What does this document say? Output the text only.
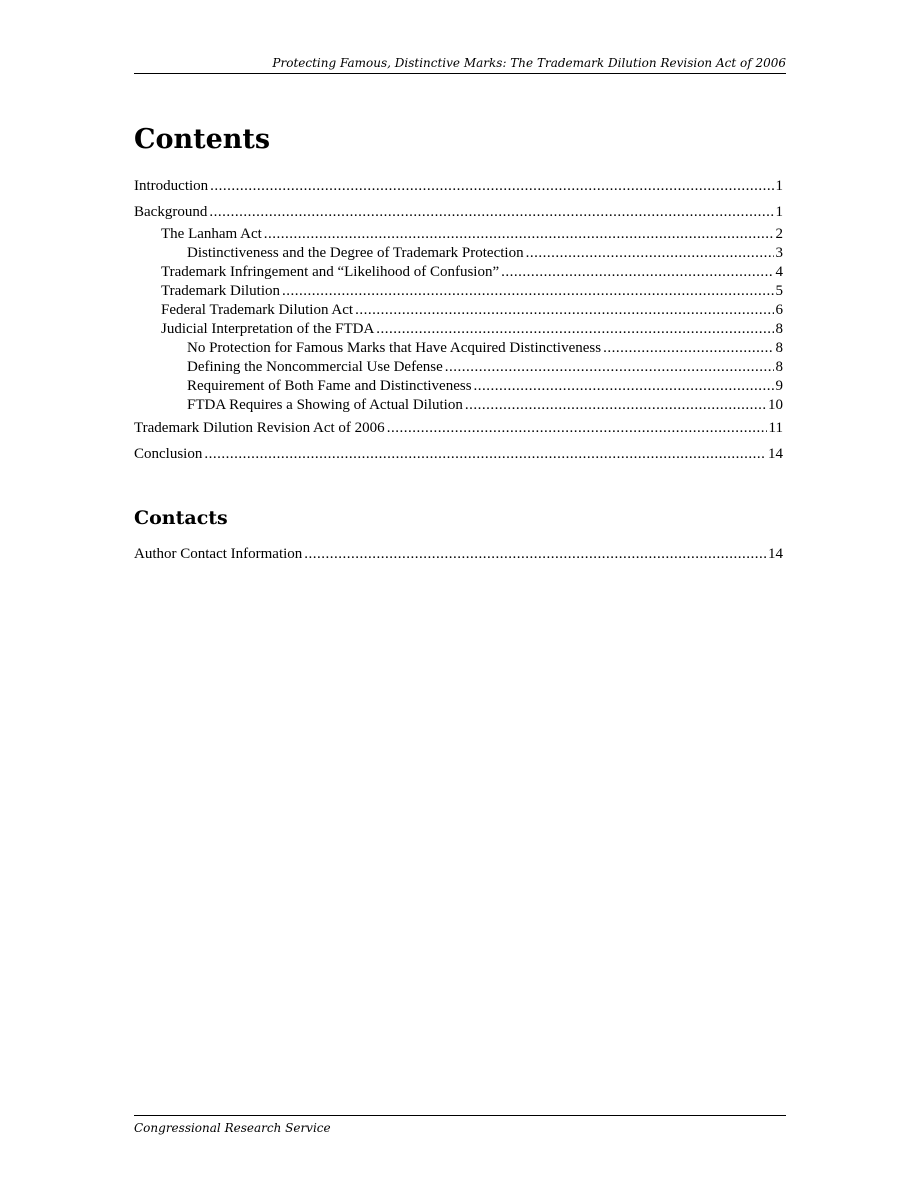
Protecting Famous, Distinctive Marks: The Trademark Dilution Revision Act of 2006
Contents
Introduction .....	1
Background .....	1
The Lanham Act .....	2
Distinctiveness and the Degree of Trademark Protection .....	3
Trademark Infringement and “Likelihood of Confusion” .....	4
Trademark Dilution .....	5
Federal Trademark Dilution Act .....	6
Judicial Interpretation of the FTDA .....	8
No Protection for Famous Marks that Have Acquired Distinctiveness .....	8
Defining the Noncommercial Use Defense .....	8
Requirement of Both Fame and Distinctiveness .....	9
FTDA Requires a Showing of Actual Dilution .....	10
Trademark Dilution Revision Act of 2006 .....	11
Conclusion .....	14
Contacts
Author Contact Information .....	14
Congressional Research Service
